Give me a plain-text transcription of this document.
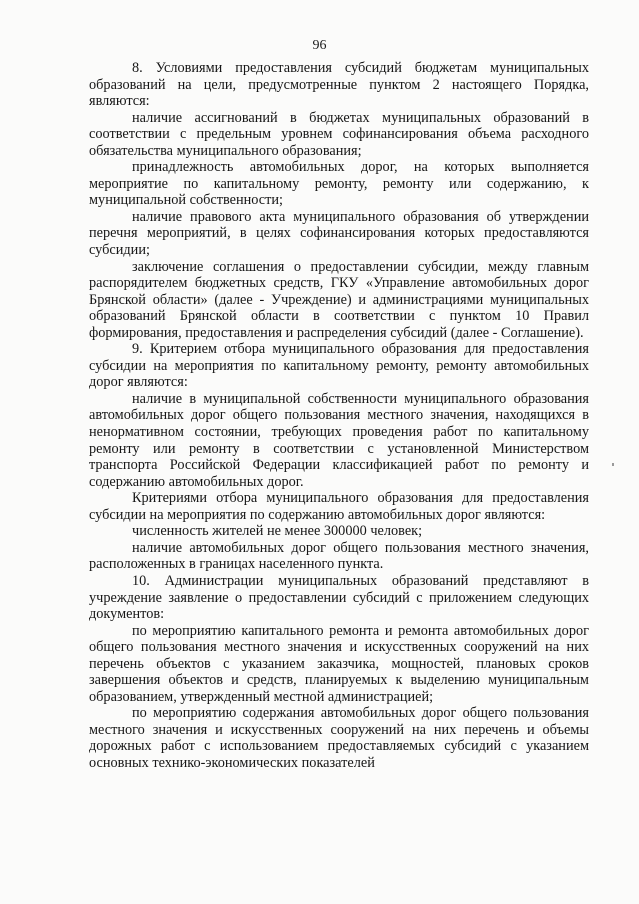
96

8. Условиями предоставления субсидий бюджетам муниципальных образований на цели, предусмотренные пунктом 2 настоящего Порядка, являются:

наличие ассигнований в бюджетах муниципальных образований в соответствии с предельным уровнем софинансирования объема расходного обязательства муниципального образования;

принадлежность автомобильных дорог, на которых выполняется мероприятие по капитальному ремонту, ремонту или содержанию, к муниципальной собственности;

наличие правового акта муниципального образования об утверждении перечня мероприятий, в целях софинансирования которых предоставляются субсидии;

заключение соглашения о предоставлении субсидии, между главным распорядителем бюджетных средств, ГКУ «Управление автомобильных дорог Брянской области» (далее - Учреждение) и администрациями муниципальных образований Брянской области в соответствии с пунктом 10 Правил формирования, предоставления и распределения субсидий (далее - Соглашение).

9. Критерием отбора муниципального образования для предоставления субсидии на мероприятия по капитальному ремонту, ремонту автомобильных дорог являются:

наличие в муниципальной собственности муниципального образования автомобильных дорог общего пользования местного значения, находящихся в ненормативном состоянии, требующих проведения работ по капитальному ремонту или ремонту в соответствии с установленной Министерством транспорта Российской Федерации классификацией работ по ремонту и содержанию автомобильных дорог.

Критериями отбора муниципального образования для предоставления субсидии на мероприятия по содержанию автомобильных дорог являются:

численность жителей не менее 300000 человек;

наличие автомобильных дорог общего пользования местного значения, расположенных в границах населенного пункта.

10. Администрации муниципальных образований представляют в учреждение заявление о предоставлении субсидий с приложением следующих документов:

по мероприятию капитального ремонта и ремонта автомобильных дорог общего пользования местного значения и искусственных сооружений на них перечень объектов с указанием заказчика, мощностей, плановых сроков завершения объектов и средств, планируемых к выделению муниципальным образованием, утвержденный местной администрацией;

по мероприятию содержания автомобильных дорог общего пользования местного значения и искусственных сооружений на них перечень и объемы дорожных работ с использованием предоставляемых субсидий с указанием основных технико-экономических показателей
